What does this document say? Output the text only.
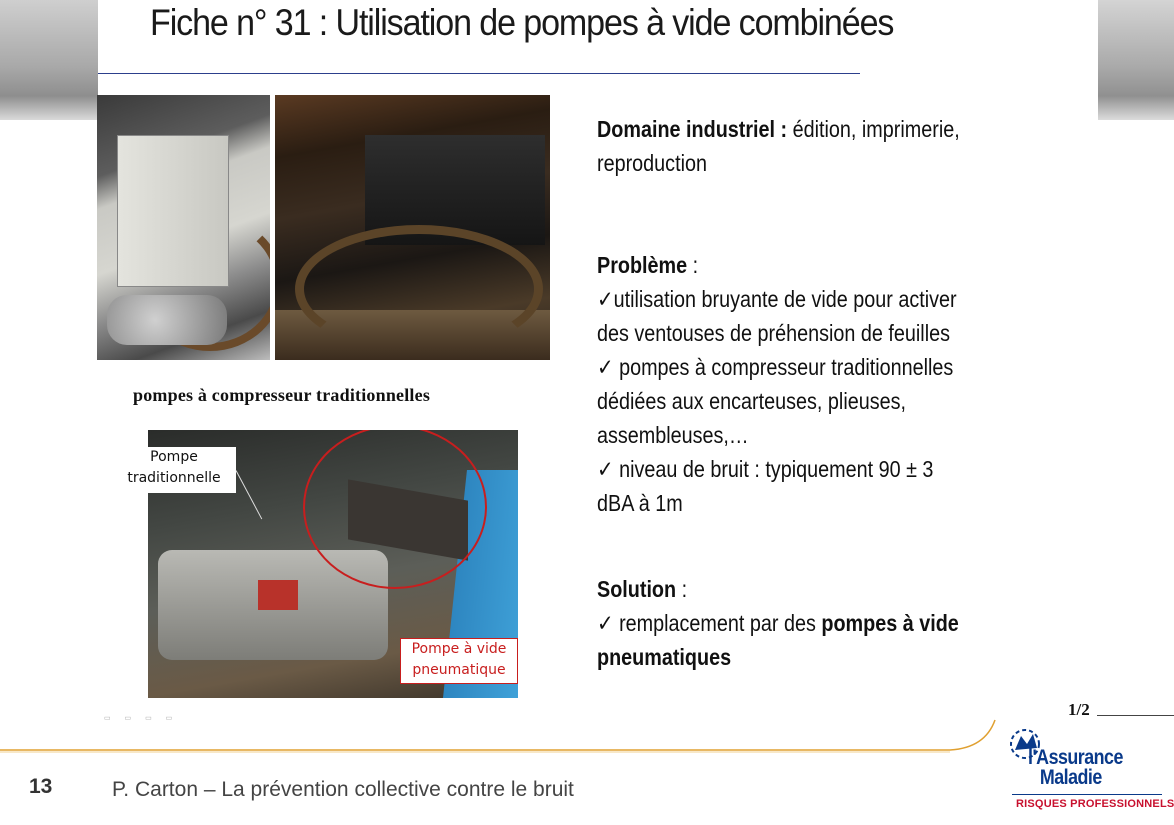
Fiche n° 31 : Utilisation de pompes à vide combinées
pompes à compresseur traditionnelles
Pompe
traditionnelle
Pompe à vide
pneumatique
▭ ▭ ▭ ▭
Domaine industriel : édition, imprimerie,
reproduction
Problème :
✓utilisation bruyante de vide pour activer
des ventouses de préhension de feuilles
✓ pompes à compresseur traditionnelles
dédiées aux encarteuses, plieuses,
assembleuses,…
✓ niveau de bruit : typiquement 90 ± 3
dBA à 1m
Solution :
✓ remplacement par des pompes à vide
pneumatiques
1/2
13	P. Carton – La prévention collective contre le bruit
l'Assurance
Maladie
RISQUES PROFESSIONNELS
